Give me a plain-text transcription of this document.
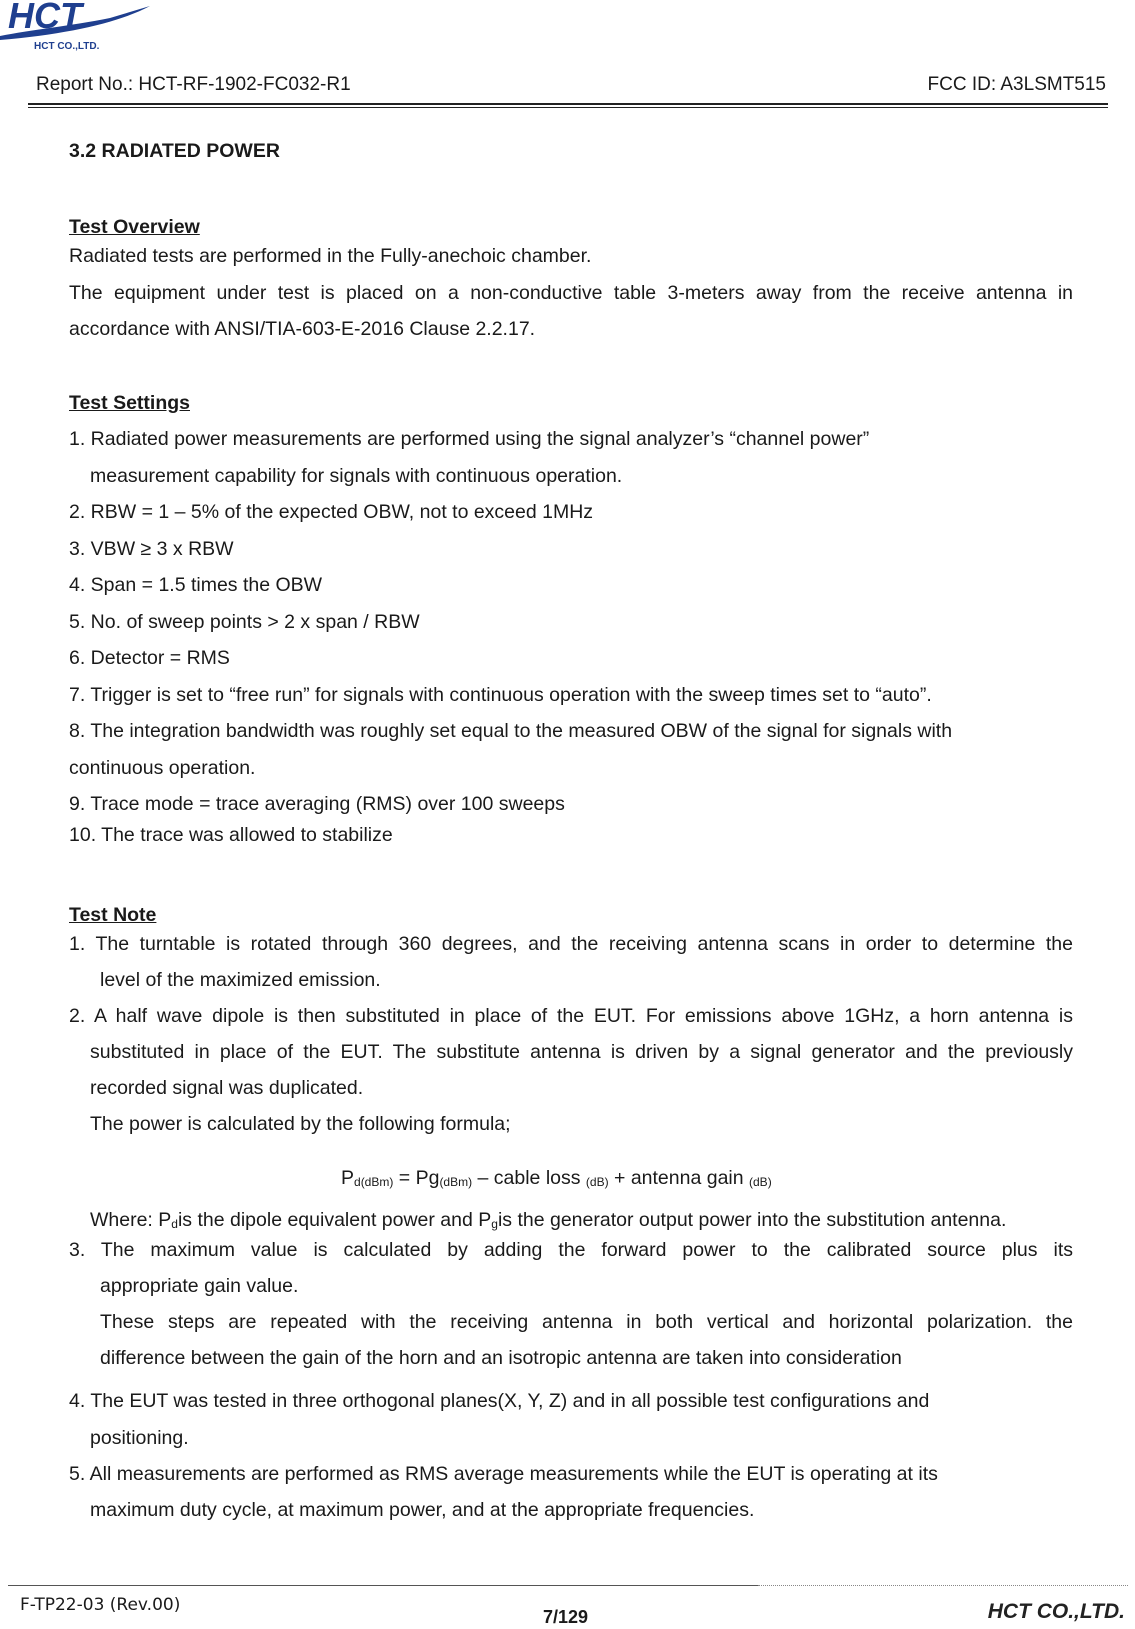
HCT
HCT CO.,LTD.
Report No.: HCT-RF-1902-FC032-R1	FCC ID: A3LSMT515
3.2 RADIATED POWER
Test Overview
Radiated tests are performed in the Fully-anechoic chamber.
The equipment under test is placed on a non-conductive table 3-meters away from the receive antenna in
accordance with ANSI/TIA-603-E-2016 Clause 2.2.17.
Test Settings
1. Radiated power measurements are performed using the signal analyzer’s “channel power”
measurement capability for signals with continuous operation.
2. RBW = 1 – 5% of the expected OBW, not to exceed 1MHz
3. VBW ≥ 3 x RBW
4. Span = 1.5 times the OBW
5. No. of sweep points > 2 x span / RBW
6. Detector = RMS
7. Trigger is set to “free run” for signals with continuous operation with the sweep times set to “auto”.
8. The integration bandwidth was roughly set equal to the measured OBW of the signal for signals with
continuous operation.
9. Trace mode = trace averaging (RMS) over 100 sweeps
10. The trace was allowed to stabilize
Test Note
1. The turntable is rotated through 360 degrees, and the receiving antenna scans in order to determine the
level of the maximized emission.
2. A half wave dipole is then substituted in place of the EUT. For emissions above 1GHz, a horn antenna is
substituted in place of the EUT. The substitute antenna is driven by a signal generator and the previously
recorded signal was duplicated.
The power is calculated by the following formula;
$P_{d(dBm)} = Pg_{(dBm)}$ – cable loss $_{(dB)}$ + antenna gain $_{(dB)}$
Where: $P_dis$ the dipole equivalent power and $P_gis$ the generator output power into the substitution antenna.
3. The maximum value is calculated by adding the forward power to the calibrated source plus its
appropriate gain value.
These steps are repeated with the receiving antenna in both vertical and horizontal polarization. the
difference between the gain of the horn and an isotropic antenna are taken into consideration
4. The EUT was tested in three orthogonal planes(X, Y, Z) and in all possible test configurations and
positioning.
5. All measurements are performed as RMS average measurements while the EUT is operating at its
maximum duty cycle, at maximum power, and at the appropriate frequencies.
F-TP22-03 (Rev.00)
7/129	HCT CO.,LTD.
